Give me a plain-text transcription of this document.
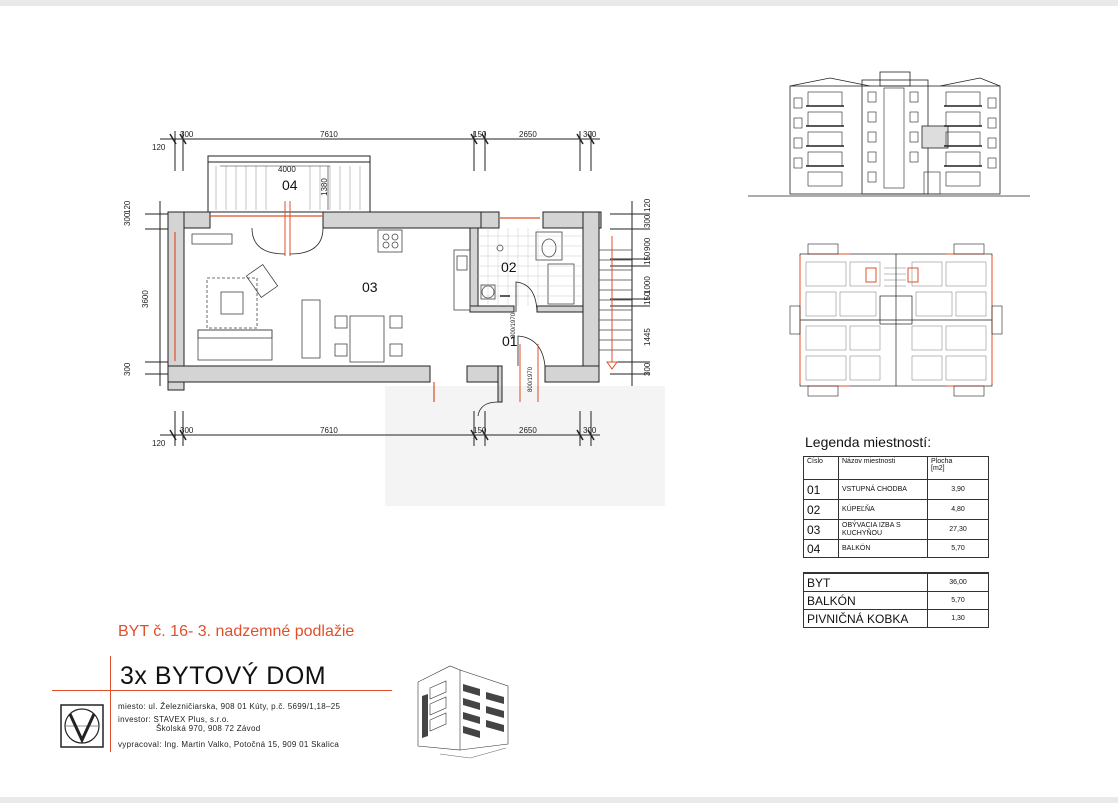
300	7610	150	2650	300
120
4000
1380
300
120
3600
300
120
300
900
150
1000
150
1445
300
800/1970
800/1970
300	7610	150	2650	300
120
01
02
03
04
BYT č. 16- 3. nadzemné podlažie
3x BYTOVÝ DOM
miesto: ul. Železničiarska, 908 01 Kúty, p.č. 5699/1,18–25
investor: STAVEX Plus, s.r.o.
Školská 970, 908 72 Závod
vypracoval: Ing. Martin Valko, Potočná 15, 909 01 Skalica
Legenda miestností:
Číslo	Názov miestnosti	Plocha
[m2]
01	VSTUPNÁ CHODBA	3,90
02	KÚPEĽŇA	4,80
03	OBÝVACIA IZBA S KUCHYŇOU	27,30
04	BALKÓN	5,70
BYT	36,00
BALKÓN	5,70
PIVNIČNÁ KOBKA	1,30
